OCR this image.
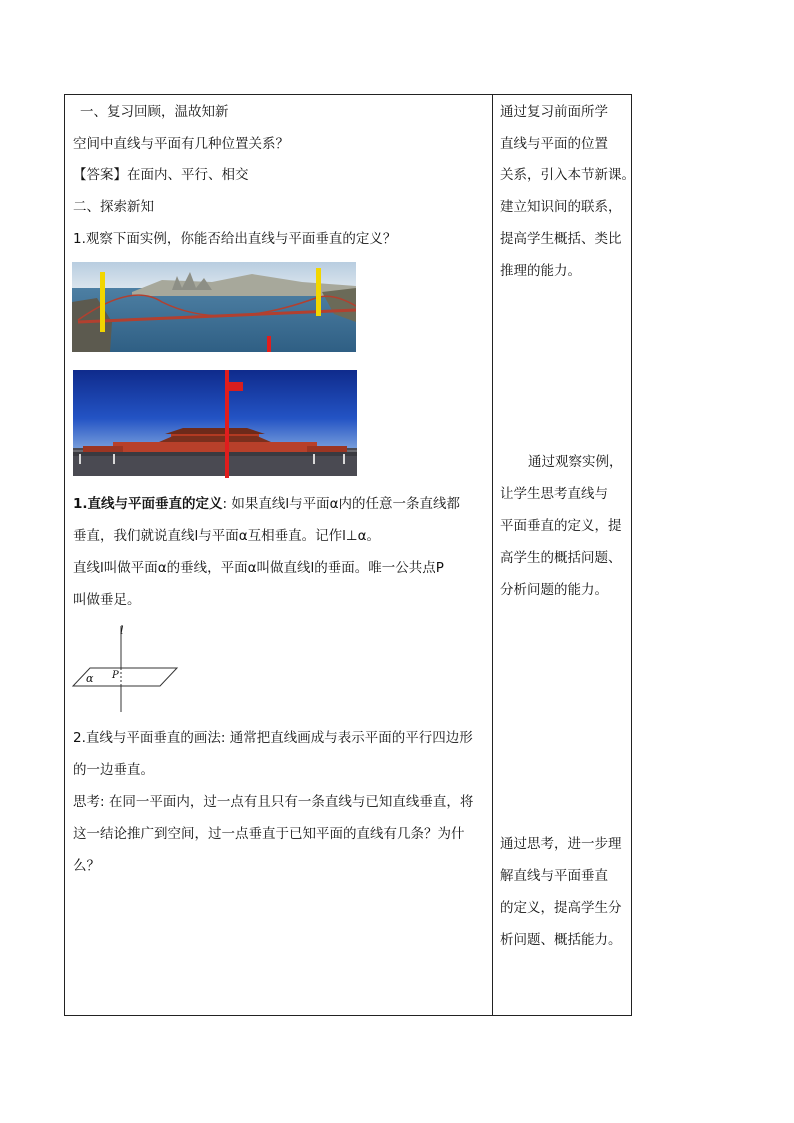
一、复习回顾，温故知新
空间中直线与平面有几种位置关系？
【答案】在面内、平行、相交
二、探索新知
1.观察下面实例，你能否给出直线与平面垂直的定义？
1.直线与平面垂直的定义: 如果直线l与平面α内的任意一条直线都
垂直，我们就说直线l与平面α互相垂直。记作l⊥α。
直线l叫做平面α的垂线，平面α叫做直线l的垂面。唯一公共点P
叫做垂足。
l
α P
2.直线与平面垂直的画法: 通常把直线画成与表示平面的平行四边形
的一边垂直。
思考: 在同一平面内，过一点有且只有一条直线与已知直线垂直，将
这一结论推广到空间，过一点垂直于已知平面的直线有几条？为什
么？
通过复习前面所学
直线与平面的位置
关系，引入本节新课。
建立知识间的联系，
提高学生概括、类比
推理的能力。
通过观察实例，
让学生思考直线与
平面垂直的定义，提
高学生的概括问题、
分析问题的能力。
通过思考，进一步理
解直线与平面垂直
的定义，提高学生分
析问题、概括能力。
